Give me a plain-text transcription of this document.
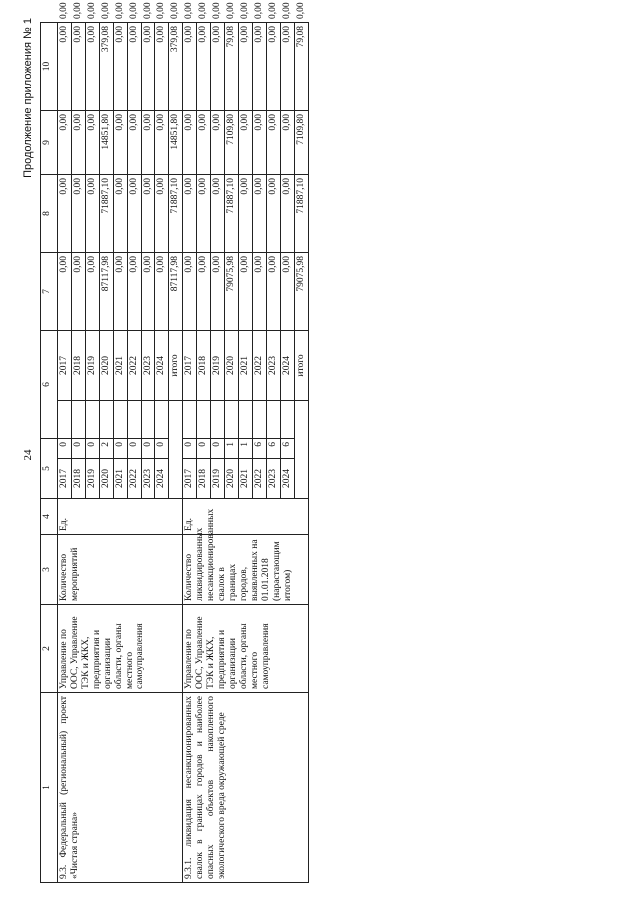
24
Продолжение приложения № 1
1	2	3	4	5		6		7	8	9	10	
9.3. Федеральный (региональный) проект «Чистая страна»	Управление по ООС, Управление ТЭК и ЖКХ, предприятия и организации области, органы местного самоуправления	Количество мероприятий	Ед.	2017	0		2017	0,00	0,00	0,00	0,00	0,00
				2018	0		2018	0,00	0,00	0,00	0,00	0,00
				2019	0		2019	0,00	0,00	0,00	0,00	0,00
				2020	2		2020	87117,98	71887,10	14851,80	379,08	0,00
				2021	0		2021	0,00	0,00	0,00	0,00	0,00
				2022	0		2022	0,00	0,00	0,00	0,00	0,00
				2023	0		2023	0,00	0,00	0,00	0,00	0,00
				2024	0		2024	0,00	0,00	0,00	0,00	0,00
							итого	87117,98	71887,10	14851,80	379,08	0,00
9.3.1. ликвидация несанкционированных свалок в границах городов и наиболее опасных объектов накопленного экологического вреда окружающей среде	Управление по ООС, Управление ТЭК и ЖКХ, предприятия и организации области, органы местного самоуправления	Количество ликвидированных несанкционированных свалок в границах городов, выявленных на 01.01.2018 (нарастающим итогом)	Ед.	2017	0		2017	0,00	0,00	0,00	0,00	0,00
				2018	0		2018	0,00	0,00	0,00	0,00	0,00
				2019	0		2019	0,00	0,00	0,00	0,00	0,00
				2020	1		2020	79075,98	71887,10	7109,80	79,08	0,00
				2021	1		2021	0,00	0,00	0,00	0,00	0,00
				2022	6		2022	0,00	0,00	0,00	0,00	0,00
				2023	6		2023	0,00	0,00	0,00	0,00	0,00
				2024	6		2024	0,00	0,00	0,00	0,00	0,00
							итого	79075,98	71887,10	7109,80	79,08	0,00
